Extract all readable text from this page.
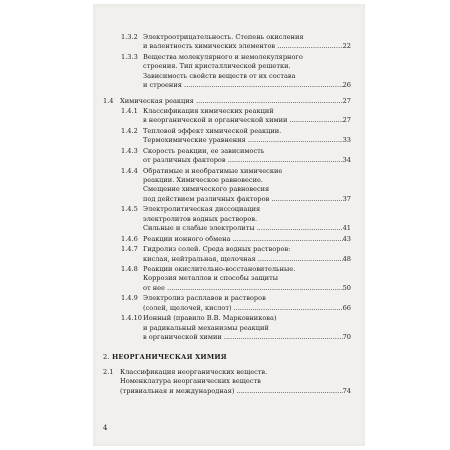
1.3.2 Электроотрицательность. Степень окисления
и валентность химических элементов .....	22
1.3.3 Вещества молекулярного и немолекулярного
строения. Тип кристаллической решетки.
Зависимость свойств веществ от их состава
и строения .....	26
1.4 Химическая реакция .....	27
1.4.1 Классификация химических реакций
в неорганической и органической химии .....	27
1.4.2 Тепловой эффект химической реакции.
Термохимические уравнения .....	33
1.4.3 Скорость реакции, ее зависимость
от различных факторов .....	34
1.4.4 Обратимые и необратимые химические
реакции. Химическое равновесие.
Смещение химического равновесия
под действием различных факторов .....	37
1.4.5 Электролитическая диссоциация
электролитов водных растворов.
Сильные и слабые электролиты .....	41
1.4.6 Реакции ионного обмена .....	43
1.4.7 Гидролиз солей. Среда водных растворов:
кислая, нейтральная, щелочная .....	48
1.4.8 Реакции окислительно-восстановительные.
Коррозия металлов и способы защиты
от нее .....	50
1.4.9 Электролиз расплавов и растворов
(солей, щелочей, кислот) .....	66
1.4.10 Ионный (правило В.В. Марковникова)
и радикальный механизмы реакций
в органической химии .....	70
2. НЕОРГАНИЧЕСКАЯ ХИМИЯ
2.1 Классификация неорганических веществ.
Номенклатура неорганических веществ
(тривиальная и международная) .....	74
4
